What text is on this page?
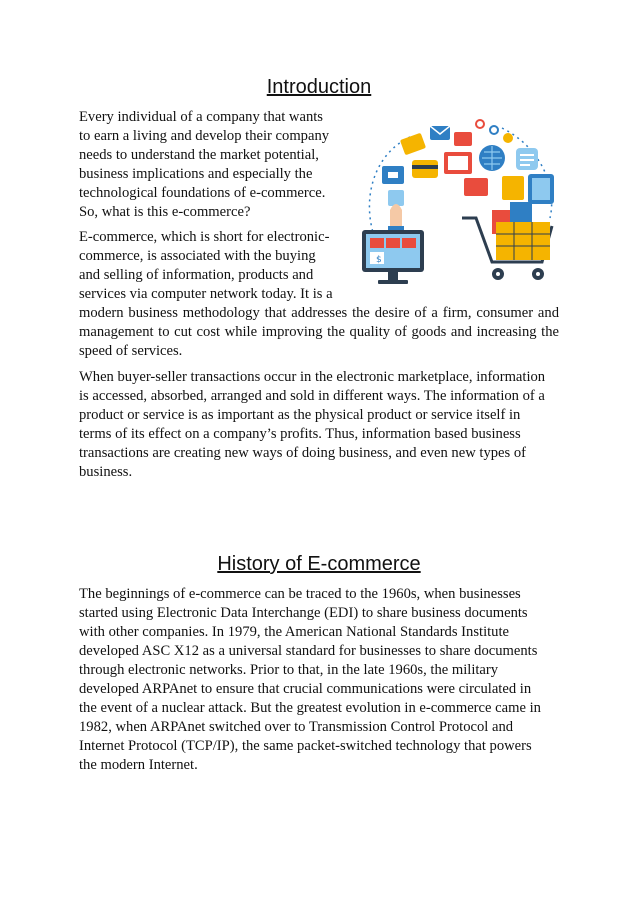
Introduction

Every individual of a company that wants
to earn a living and develop their company
needs to understand the market potential,
business implications and especially the
technological foundations of e-commerce.
So, what is this e-commerce?

$

E-commerce, which is short for electronic-
commerce, is associated with the buying
and selling of information, products and
services via computer network today. It is a
modern business methodology that addresses the desire of a firm, consumer and
management to cut cost while improving the quality of goods and increasing the
speed of services.

When buyer-seller transactions occur in the electronic marketplace, information
is accessed, absorbed, arranged and sold in different ways. The information of a
product or service is as important as the physical product or service itself in
terms of its effect on a company’s profits. Thus, information based business
transactions are creating new ways of doing business, and even new types of
business.

History of E-commerce

The beginnings of e-commerce can be traced to the 1960s, when businesses
started using Electronic Data Interchange (EDI) to share business documents
with other companies. In 1979, the American National Standards Institute
developed ASC X12 as a universal standard for businesses to share documents
through electronic networks. Prior to that, in the late 1960s, the military
developed ARPAnet to ensure that crucial communications were circulated in
the event of a nuclear attack. But the greatest evolution in e-commerce came in
1982, when ARPAnet switched over to Transmission Control Protocol and
Internet Protocol (TCP/IP), the same packet-switched technology that powers
the modern Internet.
